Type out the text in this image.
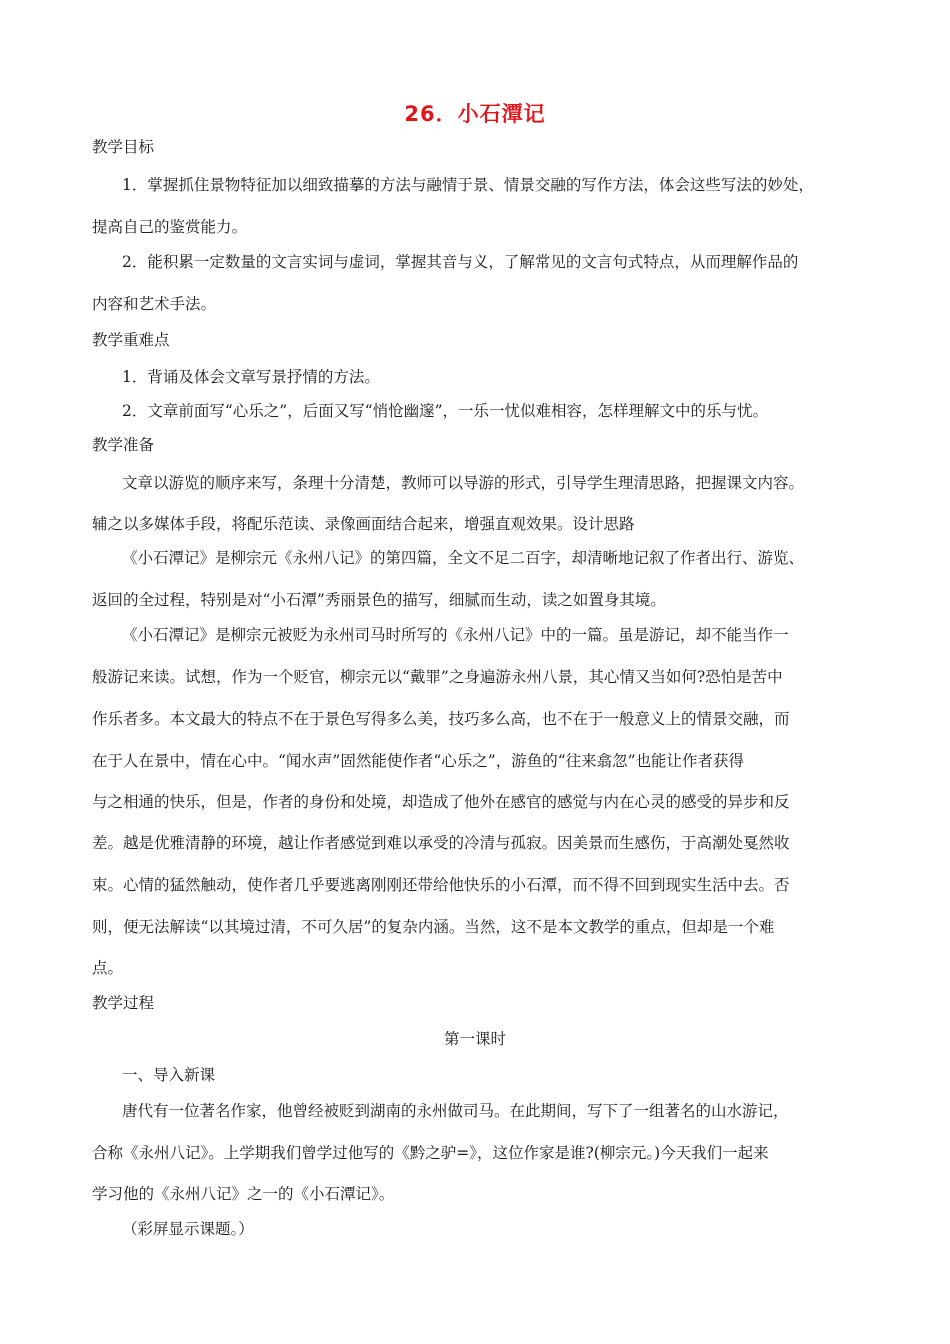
26．小石潭记
教学目标
1．掌握抓住景物特征加以细致描摹的方法与融情于景、情景交融的写作方法，体会这些写法的妙处，
提高自己的鉴赏能力。
2．能积累一定数量的文言实词与虚词，掌握其音与义，了解常见的文言句式特点，从而理解作品的
内容和艺术手法。
教学重难点
1．背诵及体会文章写景抒情的方法。
2．文章前面写“心乐之”，后面又写“悄怆幽邃”，一乐一忧似难相容，怎样理解文中的乐与忧。
教学准备
文章以游览的顺序来写，条理十分清楚，教师可以导游的形式，引导学生理清思路，把握课文内容。
辅之以多媒体手段，将配乐范读、录像画面结合起来，增强直观效果。设计思路
《小石潭记》是柳宗元《永州八记》的第四篇，全文不足二百字，却清晰地记叙了作者出行、游览、
返回的全过程，特别是对“小石潭”秀丽景色的描写，细腻而生动，读之如置身其境。
《小石潭记》是柳宗元被贬为永州司马时所写的《永州八记》中的一篇。虽是游记，却不能当作一
般游记来读。试想，作为一个贬官，柳宗元以“戴罪”之身遍游永州八景，其心情又当如何?恐怕是苦中
作乐者多。本文最大的特点不在于景色写得多么美，技巧多么高，也不在于一般意义上的情景交融，而
在于人在景中，情在心中。“闻水声”固然能使作者“心乐之”，游鱼的“往来翕忽”也能让作者获得
与之相通的快乐，但是，作者的身份和处境，却造成了他外在感官的感觉与内在心灵的感受的异步和反
差。越是优雅清静的环境，越让作者感觉到难以承受的冷清与孤寂。因美景而生感伤，于高潮处戛然收
束。心情的猛然触动，使作者几乎要逃离刚刚还带给他快乐的小石潭，而不得不回到现实生活中去。否
则，便无法解读“以其境过清，不可久居”的复杂内涵。当然，这不是本文教学的重点，但却是一个难
点。
教学过程
第一课时
一、导入新课
唐代有一位著名作家，他曾经被贬到湖南的永州做司马。在此期间，写下了一组著名的山水游记，
合称《永州八记》。上学期我们曾学过他写的《黔之驴=》，这位作家是谁?(柳宗元。)今天我们一起来
学习他的《永州八记》之一的《小石潭记》。
（彩屏显示课题。）
